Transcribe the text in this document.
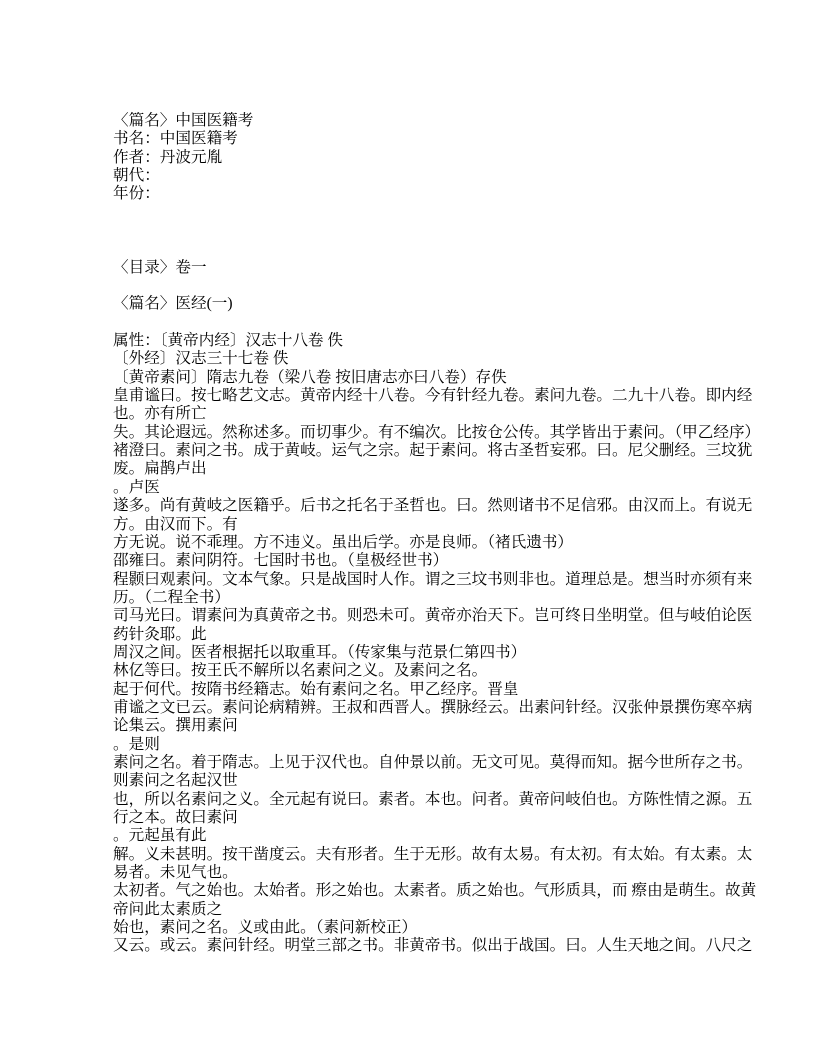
〈篇名〉中国医籍考
书名：中国医籍考
作者：丹波元胤
朝代：
年份：
〈目录〉卷一
〈篇名〉医经(一)
属性：〔黄帝内经〕汉志十八卷 佚
〔外经〕汉志三十七卷 佚
〔黄帝素问〕隋志九卷（梁八卷 按旧唐志亦曰八卷）存佚
皇甫谧曰。按七略艺文志。黄帝内经十八卷。今有针经九卷。素问九卷。二九十八卷。即内经
也。亦有所亡
失。其论遐远。然称述多。而切事少。有不编次。比按仓公传。其学皆出于素问。（甲乙经序）
褚澄曰。素问之书。成于黄岐。运气之宗。起于素问。将古圣哲妄邪。曰。尼父删经。三坟犹
废。扁鹊卢出
。卢医
遂多。尚有黄岐之医籍乎。后书之托名于圣哲也。曰。然则诸书不足信邪。由汉而上。有说无
方。由汉而下。有
方无说。说不乖理。方不违义。虽出后学。亦是良师。（褚氏遗书）
邵雍曰。素问阴符。七国时书也。（皇极经世书）
程颢曰观素问。文本气象。只是战国时人作。谓之三坟书则非也。道理总是。想当时亦须有来
历。（二程全书）
司马光曰。谓素问为真黄帝之书。则恐未可。黄帝亦治天下。岂可终日坐明堂。但与岐伯论医
药针灸耶。此
周汉之间。医者根据托以取重耳。（传家集与范景仁第四书）
林亿等曰。按王氏不解所以名素问之义。及素问之名。
起于何代。按隋书经籍志。始有素问之名。甲乙经序。晋皇
甫谧之文已云。素问论病精辨。王叔和西晋人。撰脉经云。出素问针经。汉张仲景撰伤寒卒病
论集云。撰用素问
。是则
素问之名。着于隋志。上见于汉代也。自仲景以前。无文可见。莫得而知。据今世所存之书。
则素问之名起汉世
也，所以名素问之义。全元起有说曰。素者。本也。问者。黄帝问岐伯也。方陈性情之源。五
行之本。故曰素问
。元起虽有此
解。义未甚明。按干凿度云。夫有形者。生于无形。故有太易。有太初。有太始。有太素。太
易者。未见气也。
太初者。气之始也。太始者。形之始也。太素者。质之始也。气形质具，而 瘵由是萌生。故黄
帝问此太素质之
始也，素问之名。义或由此。（素问新校正）
又云。或云。素问针经。明堂三部之书。非黄帝书。似出于战国。曰。人生天地之间。八尺之
